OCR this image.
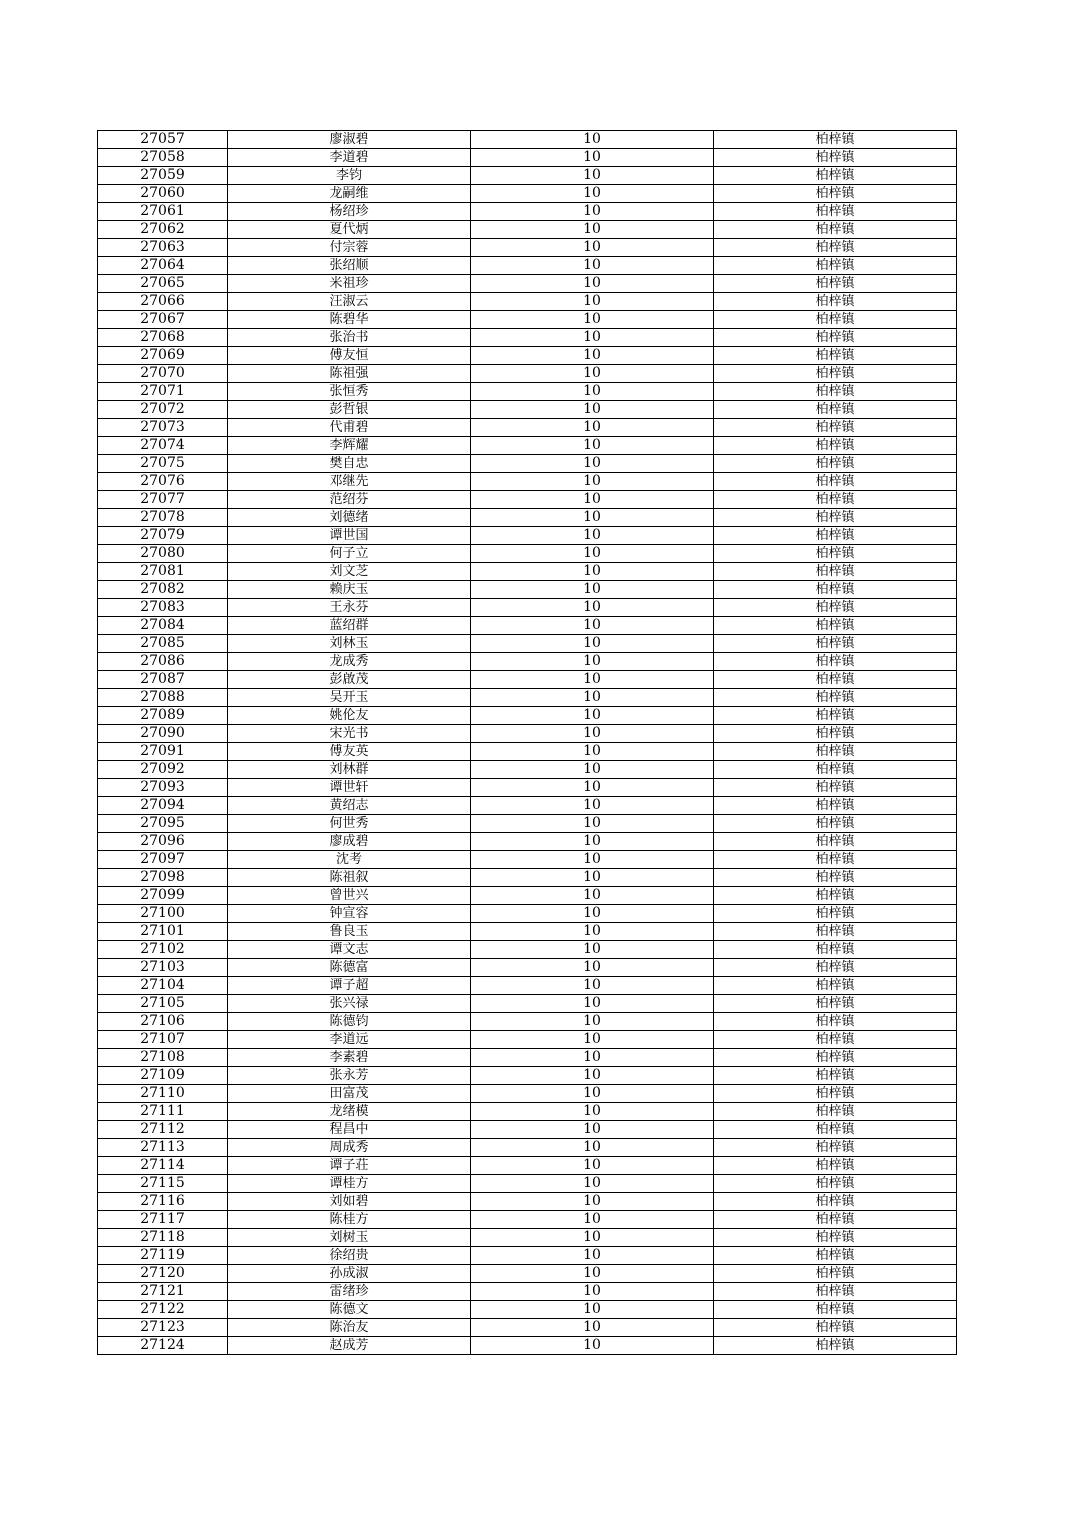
27057	廖淑碧	10	柏梓镇
27058	李道碧	10	柏梓镇
27059	李钧	10	柏梓镇
27060	龙嗣维	10	柏梓镇
27061	杨绍珍	10	柏梓镇
27062	夏代炳	10	柏梓镇
27063	付宗蓉	10	柏梓镇
27064	张绍顺	10	柏梓镇
27065	米祖珍	10	柏梓镇
27066	汪淑云	10	柏梓镇
27067	陈碧华	10	柏梓镇
27068	张治书	10	柏梓镇
27069	傅友恒	10	柏梓镇
27070	陈祖强	10	柏梓镇
27071	张恒秀	10	柏梓镇
27072	彭哲银	10	柏梓镇
27073	代甫碧	10	柏梓镇
27074	李辉耀	10	柏梓镇
27075	樊自忠	10	柏梓镇
27076	邓继先	10	柏梓镇
27077	范绍芬	10	柏梓镇
27078	刘德绪	10	柏梓镇
27079	谭世国	10	柏梓镇
27080	何子立	10	柏梓镇
27081	刘文芝	10	柏梓镇
27082	赖庆玉	10	柏梓镇
27083	王永芬	10	柏梓镇
27084	蓝绍群	10	柏梓镇
27085	刘林玉	10	柏梓镇
27086	龙成秀	10	柏梓镇
27087	彭啟茂	10	柏梓镇
27088	吴开玉	10	柏梓镇
27089	姚伦友	10	柏梓镇
27090	宋光书	10	柏梓镇
27091	傅友英	10	柏梓镇
27092	刘林群	10	柏梓镇
27093	谭世轩	10	柏梓镇
27094	黄绍志	10	柏梓镇
27095	何世秀	10	柏梓镇
27096	廖成碧	10	柏梓镇
27097	沈考	10	柏梓镇
27098	陈祖叙	10	柏梓镇
27099	曾世兴	10	柏梓镇
27100	钟宣容	10	柏梓镇
27101	鲁良玉	10	柏梓镇
27102	谭文志	10	柏梓镇
27103	陈德富	10	柏梓镇
27104	谭子超	10	柏梓镇
27105	张兴禄	10	柏梓镇
27106	陈德钧	10	柏梓镇
27107	李道远	10	柏梓镇
27108	李素碧	10	柏梓镇
27109	张永芳	10	柏梓镇
27110	田富茂	10	柏梓镇
27111	龙绪模	10	柏梓镇
27112	程昌中	10	柏梓镇
27113	周成秀	10	柏梓镇
27114	谭子荘	10	柏梓镇
27115	谭桂方	10	柏梓镇
27116	刘如碧	10	柏梓镇
27117	陈桂方	10	柏梓镇
27118	刘树玉	10	柏梓镇
27119	徐绍贵	10	柏梓镇
27120	孙成淑	10	柏梓镇
27121	雷绪珍	10	柏梓镇
27122	陈德文	10	柏梓镇
27123	陈治友	10	柏梓镇
27124	赵成芳	10	柏梓镇
